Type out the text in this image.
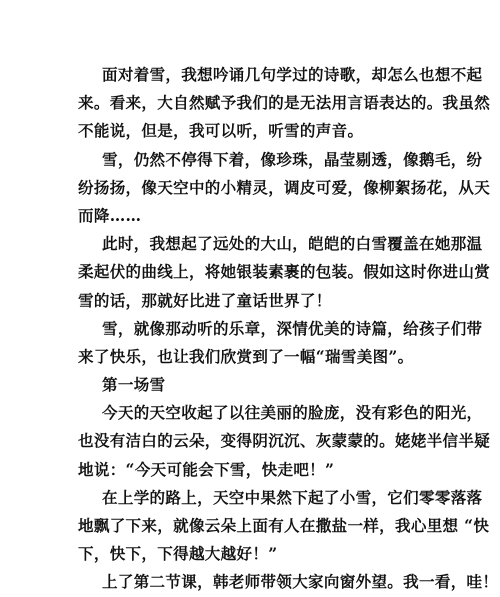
面对着雪，我想吟诵几句学过的诗歌，却怎么也想不起
来。看来，大自然赋予我们的是无法用言语表达的。我虽然
不能说，但是，我可以听，听雪的声音。
雪，仍然不停得下着，像珍珠，晶莹剔透，像鹅毛，纷
纷扬扬，像天空中的小精灵，调皮可爱，像柳絮扬花，从天
而降……
此时，我想起了远处的大山，皑皑的白雪覆盖在她那温
柔起伏的曲线上，将她银装素裹的包装。假如这时你进山赏
雪的话，那就好比进了童话世界了！
雪，就像那动听的乐章，深情优美的诗篇，给孩子们带
来了快乐，也让我们欣赏到了一幅“瑞雪美图”。
第一场雪
今天的天空收起了以往美丽的脸庞，没有彩色的阳光，
也没有洁白的云朵，变得阴沉沉、灰蒙蒙的。姥姥半信半疑
地说：“今天可能会下雪，快走吧！”
在上学的路上，天空中果然下起了小雪，它们零零落落
地飘了下来，就像云朵上面有人在撒盐一样，我心里想 “快
下，快下，下得越大越好！”
上了第二节课，韩老师带领大家向窗外望。我一看，哇！
